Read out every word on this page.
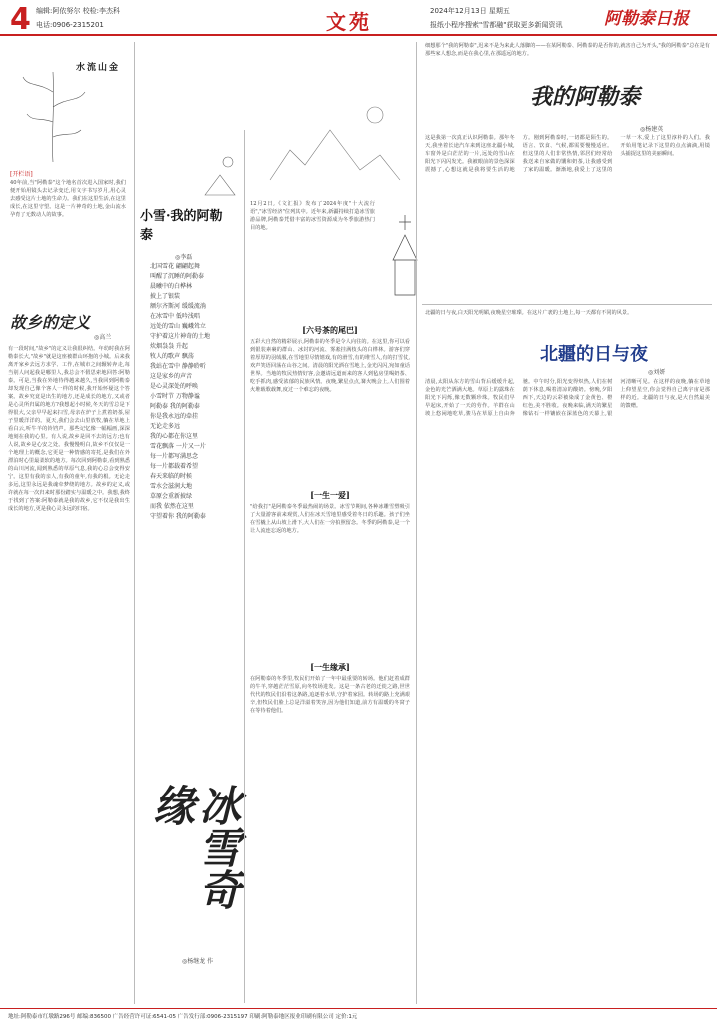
4 编辑:阿依努尔 校检:李杰科
电话:0906-2315201	文苑	2024年12月13日 星期五
报纸小程序搜索"雪都融"获取更多新闻资讯 阿勒泰日报
金山流水
[开栏语]
40年前,当"阿勒泰"这个地名首次进入国家时,我们便开始用镜头去记录变迁,用文字书写岁月,用心灵去感受这片土地的生命力。我们在这里生活,在这里成长,在这里守望。这是一片神奇的土地,金山流水孕育了无数动人的故事。
故乡的定义
◎高兰
有一段时间,"故乡"的定义让我很纠结。年幼时我在阿勒泰长大,"故乡"就是这座被群山环抱的小城。后来我离开家乡去远方求学、工作,在城市之间辗转奔走,每当别人问起我是哪里人,我总会不假思索地回答:阿勒泰。可是,当我在外地待得越来越久,当我回到阿勒泰却发现自己像个客人一样的时候,我开始怀疑这个答案。故乡究竟是出生的地方,还是成长的地方,又或者是心灵所归属的地方?我想起小时候,冬天的雪总是下得很大,父亲早早起来扫雪,母亲在炉子上煮着奶茶,屋子里暖洋洋的。夏天,我们会去山里放牧,躺在草地上看白云,听牛羊的铃铛声。那些记忆像一幅幅画,深深地刻在我的心里。有人说,故乡是回不去的远方;也有人说,故乡是心安之处。我慢慢明白,故乡不仅仅是一个地理上的概念,它更是一种情感的寄托,是我们在外漂泊时心里最柔软的地方。每次回到阿勒泰,看到熟悉的山川河流,闻到熟悉的草原气息,我的心总会变得安宁。这里有我的亲人,有我的童年,有我的根。无论走多远,这里永远是我魂牵梦绕的地方。故乡的定义,或许就在每一次归来时那份踏实与温暖之中。我想,我终于找到了答案:阿勒泰就是我的故乡,它不仅是我出生成长的地方,更是我心灵永远的归宿。
小雪·我的阿勒泰
◎李磊
北国雪花 翩翩起舞
叫醒了沉睡的阿勒泰
晨曦中的白桦林
披上了银装
额尔齐斯河 缓缓流淌
在冰雪中 低吟浅唱
远处的雪山 巍峨耸立
守护着这片神奇的土地
炊烟袅袅 升起
牧人的歌声 飘荡
我站在雪中 静静聆听
这是家乡的声音
是心灵深处的呼唤
小雪时节 万物静谧
阿勒泰 我的阿勒泰
你是我永远的牵挂
无论走多远
我的心都在你这里
雪花飘落 一片又一片
每一片都写满思念
每一片都载着希望
春天来临的时候
雪水会滋润大地
草原会重新披绿
而我 依然在这里
守望着你 我的阿勒泰
冰雪奇缘
◎杨继龙 作
12月2日,《文汇报》发布了2024年度"十大流行语","冰雪经济"位列其中。近年来,新疆持续打造冰雪旅游品牌,阿勒泰凭借丰富的冰雪资源成为冬季旅游热门目的地。
[六号茶的尾巴]
五彩大自然的精彩展示,阿勒泰的冬季是令人向往的。在这里,你可以看到银装素裹的群山、冰封的河流、雾凇挂满枝头的白桦林。游客们穿着厚厚的羽绒服,在雪地里尽情嬉戏,有的滑雪,有的堆雪人,有的打雪仗,欢声笑语回荡在山谷之间。清晨的阳光洒在雪地上,金光闪闪,宛如童话世界。当地的牧民热情好客,会邀请远道而来的客人到毡房里喝奶茶、吃手抓肉,感受浓郁的民族风情。夜晚,繁星点点,篝火晚会上,人们围着火堆载歌载舞,度过一个难忘的夜晚。
[一生一爱]
"给我打"是阿勒泰冬季最热闹的场景。冰雪节期间,各种冰雕雪塑吸引了大量游客前来观赏,人们在冰天雪地里感受着冬日的乐趣。孩子们坐在雪橇上从山坡上滑下,大人们在一旁拍照留念。冬季的阿勒泰,是一个让人流连忘返的地方。
[一生缘承]
在阿勒泰的冬季里,牧民们开始了一年中最重要的转场。他们赶着成群的牛羊,穿越茫茫雪原,向冬牧场进发。这是一条古老的迁徙之路,世世代代的牧民们沿着这条路,追逐着水草,守护着家园。转场的路上充满艰辛,但牧民们脸上总是洋溢着笑容,因为他们知道,前方有温暖的冬窝子在等待着他们。
细想那个"我的阿勒泰",迟来不是为来此人落脚的——在某阿勒泰、阿勒泰的是否你的,就害自己为开头,"我的阿勒泰"总在是有那些家人想念,而是在我心里,在那遥远的地方。
我的阿勒泰
◎杨建英
这是我第一次真正认识阿勒泰。那年冬天,我坐着长途汽车来到这座北疆小城,车窗外是白茫茫的一片,远处的雪山在阳光下闪闪发光。我被眼前的景色深深震撼了,心想这就是我将要生活的地方。刚到阿勒泰时,一切都是陌生的。语言、饮食、气候,都需要慢慢适应。但这里的人们非常热情,邻居们经常给我送来自家做的馕和奶茶,让我感受到了家的温暖。渐渐地,我爱上了这里的一草一木,爱上了这里淳朴的人们。我开始用笔记录下这里的点点滴滴,用镜头捕捉这里的美丽瞬间。
北疆的日与夜,白天阳光明媚,夜晚星空璀璨。在这片广袤的土地上,每一天都有不同的风景。
北疆的日与夜
◎刘妍
清晨,太阳从东方的雪山背后缓缓升起,金色的光芒洒满大地。草原上的露珠在阳光下闪烁,像无数颗珍珠。牧民们早早起床,开始了一天的劳作。羊群在山坡上悠闲地吃草,骏马在草原上自由奔驰。中午时分,阳光变得炽热,人们在树荫下休息,喝着清凉的酸奶。傍晚,夕阳西下,天边的云彩被染成了金黄色、橙红色,美不胜收。夜晚来临,满天的繁星像钻石一样镶嵌在深蓝色的天幕上,银河清晰可见。在这样的夜晚,躺在草地上仰望星空,你会觉得自己离宇宙是那样的近。北疆的日与夜,是大自然最美的馈赠。
地址:阿勒泰市红墩路296号 邮编:836500 广告经营许可证:6541-05 广告发行部:0906-2315197 印刷:阿勒泰地区报业印刷有限公司 定价:1元
